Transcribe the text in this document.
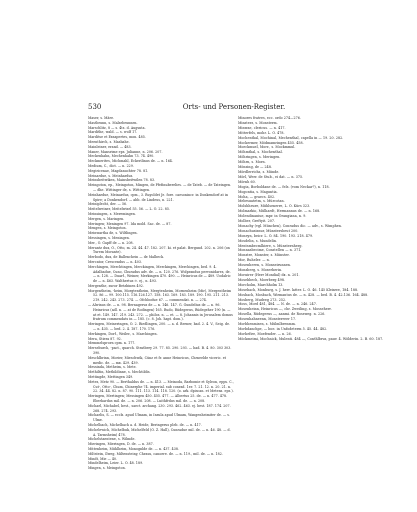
530	Orts- und Personen-Register.
Maser, s. Märe.
Mastbrunn, s. Malsebrunnen.
Marschlitz, 8 — s. 4ts. d. Augusta.
Mardithe, wald. — s. wolf 17.
Marditse et Exsapertes, mon. 485.
Meenthirch, s. Masbahe.
Mainleiner, erand. — 483.
Maner, Mansrime eps. Julianne, n. 206. 207.
Meckenhahn, Mechenhahn 73. 74. 490.
Meckmerites, Michmahl, Eckerilinus de. — n. 164.
Medium, C., dict. — n. 229.
Megiricenae, Magdanuchter 78. 81.
Meinardue, s. Meinhardus.
Meinsbeitwiken, Mainsbeitwilen 78. 83.
Meingoton, ep., Meingoton, Mingen, de Pfefinuberelies. — de Tateb. — de Tateingen. — dhe. Wittinger de, s. Wittingen.
Meinhardue, Meinardus, cpm., 3. Ruyoldet Je. fore. caesonincr. in Donkendorf at in Spire; a Donkendorf. — abb. de Lindeus, n. 221.
Meiniplecht, der. — 56.
Meitelweiner, Meitelwisel 55. 56. — L. O. 22. 85.
Meinsingen, s. Meremingen.
Mergen, s. Maringen.
Meringen; Meningen 97. Ida mold. Sac. de. — 87.
Mengen, s. Meingoton.
Meinwartha de, s. Wiltlingen.
Messingen, s. Meningen.
Mer., O. Gapff de — n. 208.
Merantz dux, O., Otto, m. 24. 44. 47. 182. 207. ki. et palat. Bergund. 202. n. 206 (on Turem Morante).
Merbodo, dux, de Ballenchein — de Malbeck.
Mercator, Crescendus — n. 403.
Merchingen, Merchtingen, Merckingen, Merckingen, Merchingen, bed. 9. 4. Adalbadue, Cuno, Churadus adv. de. — n. 120. 276. Wolprandus pervonidares, de. — n. 128. — Duarf., Weiner, Merkingen 470. 490. — Heinricus de — 489. Uodalric de — n. 463. Walthertus ℗. ej., n. 493.
Mergenthe, suror Betzbinen 492.
Morgentheim, -heim, Morgtentheim, Mergtenheim, Mornenheim (Mir), Mergentheim 52. 86 — 99. 100.115. 116.126.127. 158. 163. 169. 183. 189. 190. 195. 211. 213. 219. 242. 243. 273. 274. — Ofchbodue 67. — commendat. n. — 274.
— Alwinus de. — n. 98. Bernagerus de — n. 146. 147. G. Gundelius de — n. 96. Heinricus (adl. n. — at de Rodingen) 165. Rudo, Rüdegerus, Rüdegeher 190 (n. — at et. 149. 147. 219. 243. 272. — philos. n. — et. — 8. Johannis in Jerusalem domus fratrum commendats in — 185. (c. 8. Joh. hapt. dom.).
Meringen, Meineringen, O. 2. Riedlingen, 200. — a. d. Berner, bad. 2. 4. V., Seig. de. — n. 435. — bed. 2. 4. 187. 170. 176.
Merkingen, Dorf., Weiler., s. Marchingen.
Mera, Stiera 87. 92.
Memmelsprorn cpm. n. 177.
Merseburch, -pact., quarch. Stratbery 29. 77. 85. 290. 293. — bad. B. 4. 80. 303 303. 390.
Meschlbrinn, Morier, Mieschwik, Cünz et fr. anne Heinricus, Chrneelde viceric. et medic. de. — mx. 429. 439.
Messinda, Metheim, s. Mete.
Methiltin, Methildinne, s. Mechtildis.
Mettingde, Mettingen 349.
Metes, Metz 90. — Berthaldus de. — n. 413. — Meinoda, Barbomie et Syleon, epps. C., Cut-, Otto-, Chum, Chinerphe 74. imperial. sub conrad. 1er. 7. 21. 12. n. 20. 21. n. 22. 34. 44. 82. n. 87. 90. 111. 113. 114. 118. 120. (o. ark. dpiscan. et Metens. eps.).
Meringen, Mertingen; Messingen 450. 455. 477. — Albertus 25. de. — n. 477. 478. Eberhardus mil. de. — n. 206. 208. — Luithfrdus mil. de. — n. 208.
Michael, Michabel, best., saect. archang. 230. 293. 462. 463. ej. best. 187. 174. 207. 268. 274. 293.
Michaelis, S. — eccls. apud Ulmam, in Insula apud Ulmam, Wangenheimiter de. — s. Ulme.
Michelbach, Michelbach a. d. Heide, Beringerus pleb. de. — n. 417.
Michelewich, Michelbuk, Michelfeld (O. Z. Hall), Cunradue mil. de. — n. 46. 48. — d. A. Tarmsheim) 478.
Michelstaentene, s. Wilmde.
Mieringen, Mieringen, D. de. — n. 387.
Mittenheim, Mühlheim, Monognlde de. — n. 437. 438.
Miltstein, Ilweg, Miltensteiny, Chrasu, canoere. de. — n. 119., mil. de. — n. 182.
Mindt, Mie — 40.
Mindelheim, Leier. L. O. 48. 189.
Mingen, s. Meingoton.
Minores fratres, ecc. ordo 274—276.
Minsterz, s. Monsterm.
Minwae, clericus. — n. 417.
Mitterfels, mohr. L. O. 478.
Mochenthal, Mochinal, Mechenthal, capella in — 19. 20. 282.
Mockermer, Mödmamringen 455. 458.
Moeckmuel, Morr., s. Mockmmul.
Möhmthal, s. Mochenthal.
Möhringen, s. Meringen.
Möhrn, s. Morn.
Mönsing, de — 248.
Mördlerrichs, s. Münde.
Mörl, Werr. de Stub., ei dat. — n. 375.
Mörnh 60.
Mogia, Borboldane de. — fels. (vom Neckar?), n. 118.
Mogontia, s. Maguntia.
Moha, — graecs. 402.
Mebrsuatetm, s. Mürcotan.
Molshheure, Mühlsenerre, L. O. Kürs 323.
Molmarkio, Mülhardt, Hermannus de. — n. 168.
Molendinaniue, mpr. in Orangiana, n. 9.
Molber, Greftyit. 207.
Monachy (vgl. München), Conradus dic. — adv., s. Wimphen.
Monachusisnur, Münstersbeut 200.
Moneyn, beicr. L. O. 84. 190. 193. 218. 479.
Mosdelin, s. Mundelin.
Mentsmbecmlhiere, s. Münsternherg.
Monnasbecime, Constellen — n. 371.
Monstre, Monster, s. Münster.
Mor, Ruheler. — n.
Mosenheren, s. Monseirunnen.
Monsberg, s. Moserherin.
Moruirer (Herr Mondial) dx. n. 201.
Mosebbech, Moerberg 498.
Morcholm, Marchholm 13.
Mosebach, Monburg, s. J. herr. latter. L. O. 46. 145 Kleinwe, 184. 188.
Mosbach, Mosbach, Wirmantus de. — n. 428. — bed. B. 4. 42.136. 164. 488.
Mosberg, Mudeeg 273. 252.
Moss, Mord 481, 484. — N. de. — n. 246. 247.
Mosenheinn, Heinricus —, chr. Zweiling, s. Mosseherr.
Mosella, Rüdegerus —, aanmi. de Rossweg. n. 226.
Mosenhahneenn, Monsterreer 17.
Morbhenmisen, s. Mülmlbrenmm.
Morbdanchpe, — boe. in Unfodeterm 5. 45. 44. 482.
Morhefire, Moefender. — n. 26.
Möckmeimi, Mochnick, Mulenti. 484 —, Conthlbrus, pauv. 4. Wölderin. 2. B. 60. 187.
